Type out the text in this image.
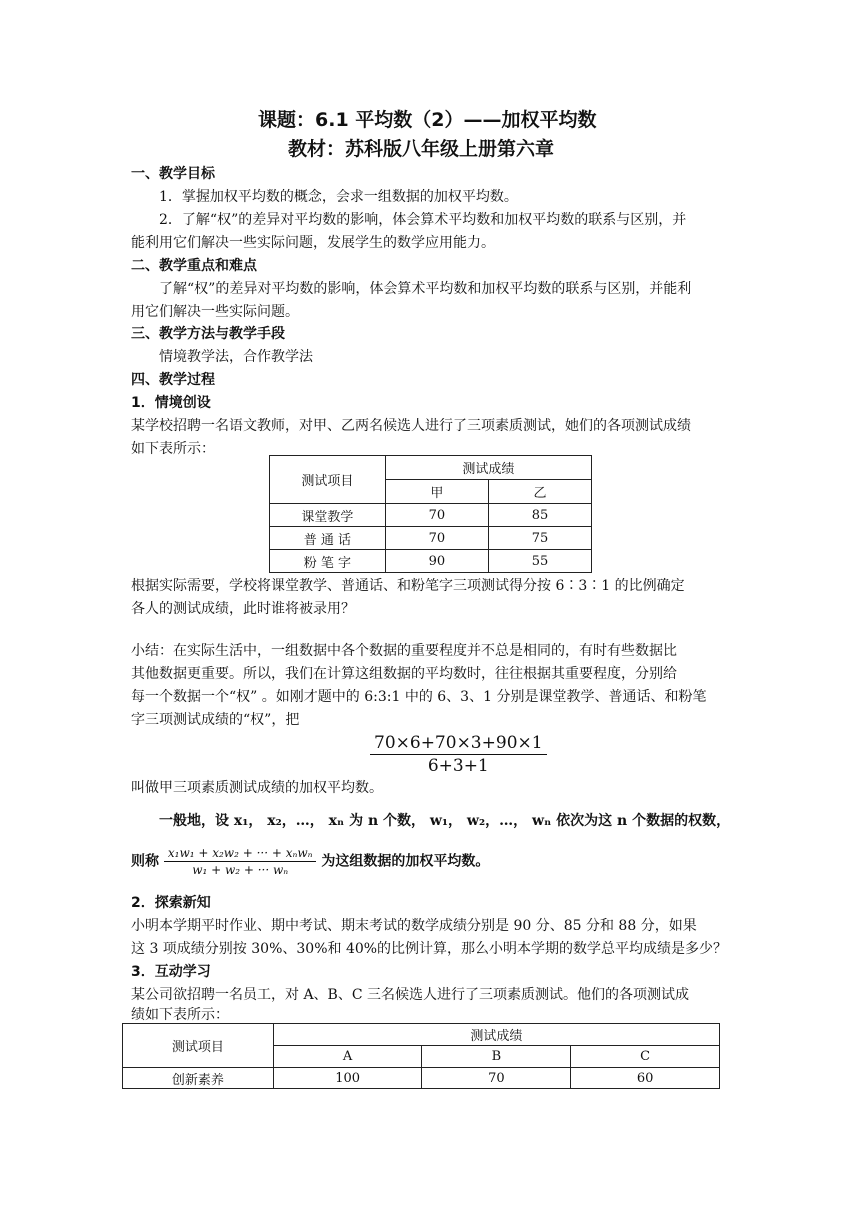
课题：6.1 平均数（2）——加权平均数
教材：苏科版八年级上册第六章
一、教学目标
1．掌握加权平均数的概念，会求一组数据的加权平均数。
2．了解“权”的差异对平均数的影响，体会算术平均数和加权平均数的联系与区别，并
能利用它们解决一些实际问题，发展学生的数学应用能力。
二、教学重点和难点
了解“权”的差异对平均数的影响，体会算术平均数和加权平均数的联系与区别，并能利
用它们解决一些实际问题。
三、教学方法与教学手段
情境教学法，合作教学法
四、教学过程
1．情境创设
某学校招聘一名语文教师，对甲、乙两名候选人进行了三项素质测试，她们的各项测试成绩
如下表所示：
测试项目	测试成绩	
	甲	乙
课堂教学	70	85
普 通 话	70	75
粉 笔 字	90	55
根据实际需要，学校将课堂教学、普通话、和粉笔字三项测试得分按 6∶3∶1 的比例确定
各人的测试成绩，此时谁将被录用？
小结：在实际生活中，一组数据中各个数据的重要程度并不总是相同的，有时有些数据比
其他数据更重要。所以，我们在计算这组数据的平均数时，往往根据其重要程度，分别给
每一个数据一个“权” 。如刚才题中的 6:3:1 中的 6、3、1 分别是课堂教学、普通话、和粉笔
字三项测试成绩的“权”，把
$\frac{70\times 6+70\times 3+90\times 1}{6+3+1}$
叫做甲三项素质测试成绩的加权平均数。
一般地，设 x₁， x₂，…， xₙ 为 n 个数， w₁， w₂，…， wₙ 依次为这 n 个数据的权数，
则称 $\frac{\text{x₁w₁ + x₂w₂ + ··· + xₙwₙ}}{\text{w₁ + w₂ + ··· wₙ}}$ 为这组数据的加权平均数。
2．探索新知
小明本学期平时作业、期中考试、期末考试的数学成绩分别是 90 分、85 分和 88 分，如果
这 3 项成绩分别按 30%、30%和 40%的比例计算，那么小明本学期的数学总平均成绩是多少？
3．互动学习
某公司欲招聘一名员工，对 A、B、C 三名候选人进行了三项素质测试。他们的各项测试成
绩如下表所示：
测试项目	测试成绩		
	A	B	C
创新素养	100	70	60
